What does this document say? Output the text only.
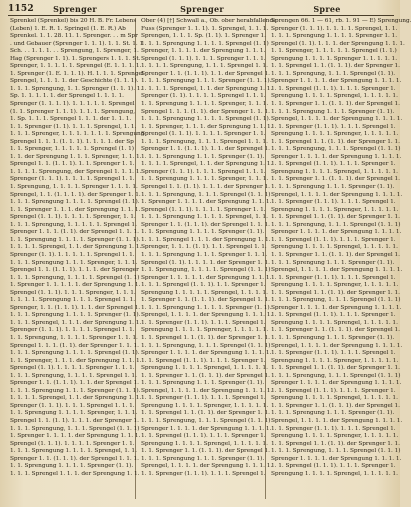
1152	Sprenger	Sprenger	Spree
Sprenkel (Sprenkel) bis 20 H. B. Fr. Lebens
(Leben) 1. E. R. 1. Springel (1. E. R.) Ab
Sprenkel. 1. 1. 28. 11. 1. Sprenger. . . m Spr
. und Gebauer (Sprenger 1. 1. 1). 1. 1. St. 1. 1
Sch. . . 1. 1. 1. . . Sprengung, 1. Sprenger, 1.
Hag (Sprenger 1. 1). 1. Sprengers 1. 1. 1. St.
Sprenger, 1. 1. 1. 1. 1. Sprengel (E. 1. 1. 1. 1.
1. Sprenger (1. E. 1. 1. 1). H. 1. 1. 1. Sprengel
Sprengel, 1. 1. 1. 1. der Geschichte (1. 1. 1).
1. 1. 1. Sprengung, 1. 1. Sprenger (1. 1. 1). 1.
Sp. 1. 1. 1. 1. 1. der Sprengel 1. 1. 1. 1.
Sprenger (1. 1. 1. 1). 1. 1. 1. 1. 1. Sprengel
(1. 1. Sprenger 1. 1. 1). 1. 1. 1. Sprengung,
1. Sp. 1. 1. 1. Sprengel 1. 1. 1. der 1. 1. 1.
1. 1. Sprenger (1. 1). 1. 1. 1. Sprengel, 1. 1.
1. 1. 1. Sprenger, 1. 1. 1. 1. 1. 1. 1. Sprengung
Sprengel 1. 1. 1. (1. 1. 1). 1. 1. 1. 1. der Sp
1. 1. Sprenger, 1. 1. 1. 1. 1. Sprengel (1. 1)
1. 1. der Sprengung 1. 1. 1. Sprenger, 1. 1. 1.
Sprengel 1. 1. (1. 1. 1). 1. 1. Sprenger 1. 1.
1. 1. 1. 1. Sprengung, der Sprengel 1. 1. 1. 1.
Sprenger (1. 1. 1). 1. 1. 1. 1. Sprengel 1. 1.
1. Sprengung, 1. 1. 1. 1. Sprenger 1. 1. 1. 1.
Sprengel, 1. 1. (1. 1. 1. 1). der Sprenger 1. 1.
1. 1. 1. Sprengung 1. 1. 1. 1. Sprengel (1. 1).
1. 1. Sprenger 1. 1. 1. der Sprengung 1. 1. 1.
Sprengel (1. 1. 1). 1. 1. 1. 1. Sprenger, 1. 1.
1. 1. 1. Sprengung, 1. 1. 1. 1. 1. Sprengel 1.
Sprenger 1. 1. 1. (1. 1). der Sprengel 1. 1. 1.
1. 1. Sprengung 1. 1. 1. 1. Sprenger (1. 1. 1).
1. 1. 1. 1. Sprengel, 1. 1. der Sprengung 1. 1.
Sprenger (1. 1). 1. 1. 1. 1. 1. Sprengel 1. 1.
1. 1. 1. Sprengung 1. 1. 1. Sprenger, 1. 1. 1.
Sprengel 1. 1. (1. 1. 1). 1. 1. 1. der Sprenger
1. 1. 1. Sprengung, 1. 1. 1. 1. Sprengel (1. 1)
1. Sprenger 1. 1. 1. 1. 1. der Sprengung 1. 1.
Sprengel (1. 1. 1). 1. 1. 1. Sprenger, 1. 1. 1.
1. 1. 1. 1. Sprengung 1. 1. 1. Sprengel 1. 1.
Sprenger, 1. 1. (1. 1. 1). 1. 1. der Sprengel 1.
1. 1. 1. Sprengung 1. 1. 1. 1. Sprenger (1. 1).
1. 1. 1. Sprengel, 1. 1. 1. der Sprengung 1. 1.
Sprenger (1. 1. 1). 1. 1. 1. 1. Sprengel 1. 1.
1. 1. Sprengung, 1. 1. 1. 1. Sprenger 1. 1. 1.
Sprengel 1. 1. 1. (1. 1). der Sprenger 1. 1. 1.
1. 1. 1. Sprengung 1. 1. 1. 1. Sprengel (1. 1).
1. 1. Sprenger, 1. 1. 1. der Sprengung 1. 1. 1.
Sprengel (1. 1). 1. 1. 1. 1. Sprenger 1. 1. 1.
1. 1. 1. Sprengung, 1. 1. 1. 1. Sprengel 1. 1.
Sprenger 1. 1. (1. 1. 1). 1. 1. der Sprengel 1.
1. 1. 1. Sprengung 1. 1. 1. Sprenger (1. 1. 1).
1. 1. 1. 1. Sprengel, 1. 1. der Sprengung 1. 1.
Sprenger (1. 1. 1). 1. 1. 1. Sprengel 1. 1. 1.
1. 1. Sprengung 1. 1. 1. 1. Sprenger, 1. 1. 1.
Sprengel 1. 1. (1. 1). 1. 1. 1. der Sprenger 1.
1. 1. 1. Sprengung, 1. 1. 1. Sprengel (1. 1. 1)
1. Sprenger 1. 1. 1. 1. der Sprengung 1. 1. 1.
Sprengel (1. 1. 1). 1. 1. 1. 1. Sprenger 1. 1.
1. 1. 1. Sprengung 1. 1. 1. 1. Sprengel, 1. 1.
Sprenger 1. 1. (1. 1. 1). der Sprengel 1. 1. 1.
1. 1. Sprengung 1. 1. 1. 1. Sprenger (1. 1).
1. 1. 1. Sprengel 1. 1. 1. der Sprengung 1. 1.
Ober (4) [†] Schwall a., Ob. ober herabfallende
Fuss (Sprenger 1. 1. 1). 1. Sprengel, 1. 1. 1.
Sprengen, 1. 1. 1. Sp. (1. 1). 1. Sprenger 1.
1. 1. 1. Sprengung 1. 1. 1. 1. Sprengel (1. 1)
Sprenger, 1. 1. 1. 1. der Sprengung 1. 1. 1.
Sprengel (1. 1. 1). 1. 1. 1. Sprenger 1. 1. 1.
1. 1. 1. 1. Sprengung, 1. 1. 1. Sprengel 1. 1.
Sprenger 1. 1. (1. 1. 1). 1. 1. der Sprengel 1.
1. 1. 1. Sprengung 1. 1. 1. Sprenger (1. 1. 1).
1. 1. 1. 1. Sprengel, 1. 1. der Sprengung 1. 1.
Sprenger (1. 1). 1. 1. 1. 1. Sprengel 1. 1. 1.
1. 1. Sprengung 1. 1. 1. 1. Sprenger, 1. 1. 1.
Sprengel 1. 1. 1. (1. 1). der Sprenger 1. 1. 1.
1. 1. 1. Sprengung 1. 1. 1. 1. Sprengel (1. 1).
1. 1. Sprenger, 1. 1. 1. der Sprengung 1. 1. 1.
Sprengel (1. 1. 1). 1. 1. 1. 1. Sprenger 1. 1.
1. 1. 1. Sprengung, 1. 1. 1. Sprengel 1. 1. 1.
Sprenger 1. 1. (1. 1. 1). 1. 1. der Sprengel 1.
1. 1. 1. Sprengung 1. 1. 1. Sprenger (1. 1).
1. 1. 1. 1. Sprengel, 1. 1. der Sprengung 1. 1.
Sprenger (1. 1. 1). 1. 1. 1. Sprengel 1. 1. 1.
1. 1. Sprengung 1. 1. 1. 1. Sprenger, 1. 1. 1.
Sprengel 1. 1. (1. 1). 1. 1. 1. der Sprenger 1.
1. 1. 1. Sprengung, 1. 1. 1. Sprengel (1. 1. 1)
1. Sprenger 1. 1. 1. 1. der Sprengung 1. 1. 1.
Sprengel (1. 1. 1). 1. 1. 1. 1. Sprenger 1. 1.
1. 1. 1. Sprengung 1. 1. 1. 1. Sprengel, 1. 1.
Sprenger 1. 1. (1. 1. 1). der Sprengel 1. 1. 1.
1. 1. Sprengung 1. 1. 1. 1. Sprenger (1. 1).
1. 1. 1. Sprengel 1. 1. 1. der Sprengung 1. 1.
Sprenger, 1. 1. 1. (1. 1). 1. 1. Sprengel 1. 1.
1. 1. 1. Sprengung 1. 1. 1. Sprenger 1. 1. 1.
Sprengel (1. 1). 1. 1. 1. 1. der Sprenger 1. 1.
1. 1. Sprengung, 1. 1. 1. 1. Sprengel (1. 1. 1)
Sprenger 1. 1. 1. 1. 1. der Sprengung 1. 1. 1.
1. 1. 1. Sprengel (1. 1. 1). 1. 1. Sprenger 1.
Sprengung 1. 1. 1. 1. 1. Sprengel, 1. 1. 1. 1.
1. Sprenger 1. 1. (1. 1. 1). der Sprengel 1. 1.
1. 1. 1. Sprengung 1. 1. 1. 1. Sprenger (1. 1).
Sprengel, 1. 1. 1. 1. der Sprengung 1. 1. 1. 1.
1. 1. Sprenger (1. 1. 1). 1. 1. 1. Sprengel 1.
Sprengung 1. 1. 1. 1. Sprenger, 1. 1. 1. 1. 1.
1. 1. Sprengel 1. 1. (1. 1). der Sprenger 1. 1.
1. 1. 1. Sprengung, 1. 1. 1. Sprengel (1. 1. 1)
Sprenger 1. 1. 1. 1. der Sprengung 1. 1. 1. 1.
1. 1. Sprengel (1. 1. 1). 1. 1. 1. Sprenger 1.
Sprengung 1. 1. 1. 1. Sprengel, 1. 1. 1. 1. 1.
1. 1. Sprenger 1. 1. (1. 1. 1). der Sprengel 1.
1. 1. 1. Sprengung 1. 1. 1. Sprenger (1. 1).
Sprengel, 1. 1. 1. 1. der Sprengung 1. 1. 1. 1.
1. 1. Sprenger (1. 1. 1). 1. 1. 1. Sprengel 1.
Sprengung 1. 1. 1. 1. Sprenger, 1. 1. 1. 1. 1.
1. 1. Sprengel 1. 1. (1. 1). der Sprenger 1. 1.
1. 1. 1. Sprengung, 1. 1. 1. Sprengel (1. 1. 1)
Sprenger 1. 1. 1. 1. der Sprengung 1. 1. 1. 1.
1. 1. Sprengel (1. 1. 1). 1. 1. 1. Sprenger 1.
Sprengung 1. 1. 1. 1. Sprengel, 1. 1. 1. 1. 1.
1. 1. Sprenger 1. 1. (1. 1. 1). der Sprengel 1.
1. 1. 1. Sprengung 1. 1. 1. Sprenger (1. 1).
Sprengel, 1. 1. 1. 1. der Sprengung 1. 1. 1. 1.
1. 1. Sprenger (1. 1. 1). 1. 1. 1. Sprengel 1.
Sprengen 66. 1 — 61, rb. 1. 91 — E) Sprengung.
Sprenger (1. 1. 1). 1. 1. 1. 1. Sprengel, 1. 1.
1. 1. 1. Sprengung 1. 1. 1. 1. Sprenger 1. 1.
Sprengel (1. 1). 1. 1. 1. der Sprengung 1. 1. 1.
1. 1. Sprenger, 1. 1. 1. 1. 1. Sprengel (1. 1.)
Sprengung 1. 1. 1. 1. Sprenger 1. 1. 1. 1. 1.
1. 1. Sprengel 1. 1. (1. 1. 1). der Sprenger 1.
1. 1. 1. Sprengung, 1. 1. 1. Sprengel (1. 1).
Sprenger 1. 1. 1. 1. der Sprengung 1. 1. 1. 1.
1. 1. Sprengel (1. 1. 1). 1. 1. 1. Sprenger 1.
Sprengung 1. 1. 1. 1. Sprengel, 1. 1. 1. 1. 1.
1. 1. Sprenger 1. 1. (1. 1. 1). der Sprengel 1.
1. 1. 1. Sprengung 1. 1. 1. Sprenger (1. 1).
Sprengel, 1. 1. 1. 1. der Sprengung 1. 1. 1. 1.
1. 1. Sprenger (1. 1. 1). 1. 1. 1. Sprengel 1.
Sprengung 1. 1. 1. 1. Sprenger, 1. 1. 1. 1. 1.
1. 1. Sprengel 1. 1. (1. 1). der Sprenger 1. 1.
1. 1. 1. Sprengung, 1. 1. 1. Sprengel (1. 1. 1)
Sprenger 1. 1. 1. 1. der Sprengung 1. 1. 1. 1.
1. 1. Sprengel (1. 1. 1). 1. 1. 1. Sprenger 1.
Sprengung 1. 1. 1. 1. Sprengel, 1. 1. 1. 1. 1.
1. 1. Sprenger 1. 1. (1. 1. 1). der Sprengel 1.
1. 1. 1. Sprengung 1. 1. 1. Sprenger (1. 1).
Sprengel, 1. 1. 1. 1. der Sprengung 1. 1. 1. 1.
1. 1. Sprenger (1. 1. 1). 1. 1. 1. Sprengel 1.
Sprengung 1. 1. 1. 1. Sprenger, 1. 1. 1. 1. 1.
1. 1. Sprengel 1. 1. (1. 1). der Sprenger 1. 1.
1. 1. 1. Sprengung, 1. 1. 1. Sprengel (1. 1. 1)
Sprenger 1. 1. 1. 1. der Sprengung 1. 1. 1. 1.
1. 1. Sprengel (1. 1. 1). 1. 1. 1. Sprenger 1.
Sprengung 1. 1. 1. 1. Sprengel, 1. 1. 1. 1. 1.
1. 1. Sprenger 1. 1. (1. 1. 1). der Sprengel 1.
1. 1. 1. Sprengung 1. 1. 1. Sprenger (1. 1).
Sprengel, 1. 1. 1. 1. der Sprengung 1. 1. 1. 1.
1. 1. Sprenger (1. 1. 1). 1. 1. 1. Sprengel 1.
Sprengung 1. 1. 1. 1. Sprenger, 1. 1. 1. 1. 1.
1. 1. Sprengel 1. 1. (1. 1). der Sprenger 1. 1.
1. 1. 1. Sprengung, 1. 1. 1. Sprengel (1. 1. 1)
Sprenger 1. 1. 1. 1. der Sprengung 1. 1. 1. 1.
1. 1. Sprengel (1. 1. 1). 1. 1. 1. Sprenger 1.
Sprengung 1. 1. 1. 1. Sprengel, 1. 1. 1. 1. 1.
1. 1. Sprenger 1. 1. (1. 1. 1). der Sprengel 1.
1. 1. 1. Sprengung 1. 1. 1. Sprenger (1. 1).
Sprengel, 1. 1. 1. 1. der Sprengung 1. 1. 1. 1.
1. 1. Sprenger (1. 1. 1). 1. 1. 1. Sprengel 1.
Sprengung 1. 1. 1. 1. Sprenger, 1. 1. 1. 1. 1.
1. 1. Sprengel 1. 1. (1. 1). der Sprenger 1. 1.
1. 1. 1. Sprengung, 1. 1. 1. Sprengel (1. 1. 1)
Sprenger 1. 1. 1. 1. der Sprengung 1. 1. 1. 1.
1. 1. Sprengel (1. 1. 1). 1. 1. 1. Sprenger 1.
Sprengung 1. 1. 1. 1. Sprengel, 1. 1. 1. 1. 1.
1. 1. Sprenger 1. 1. (1. 1. 1). der Sprengel 1.
1. 1. 1. Sprengung 1. 1. 1. Sprenger (1. 1).
Sprengel, 1. 1. 1. 1. der Sprengung 1. 1. 1. 1.
1. 1. Sprenger (1. 1. 1). 1. 1. 1. Sprengel 1.
Sprengung 1. 1. 1. 1. Sprenger, 1. 1. 1. 1. 1.
1. 1. Sprengel 1. 1. (1. 1). der Sprenger 1. 1.
1. 1. 1. Sprengung, 1. 1. 1. Sprengel (1. 1. 1)
Sprenger 1. 1. 1. 1. der Sprengung 1. 1. 1. 1.
1. 1. Sprengel (1. 1. 1). 1. 1. 1. Sprenger 1.
Sprengung 1. 1. 1. 1. Sprengel, 1. 1. 1. 1. 1.
